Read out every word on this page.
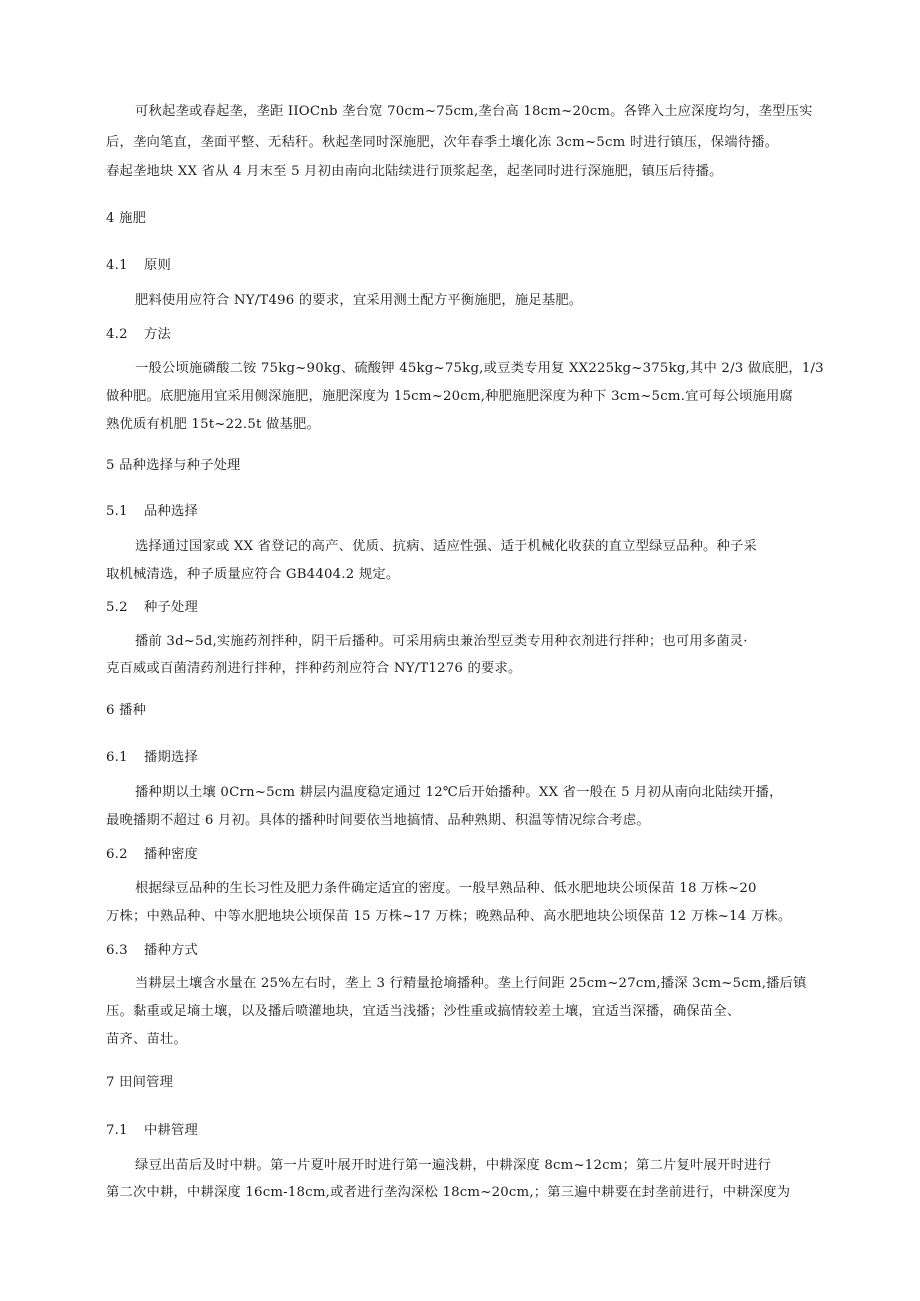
可秋起垄或春起垄，垄距 IIOCnb 垄台宽 70cm~75cm,垄台高 18cm~20cm。各铧入土应深度均匀，垄型压实
后，垄向笔直，垄面平整、无秸秆。秋起垄同时深施肥，次年春季土壤化冻 3cm~5cm 时进行镇压，保端待播。
春起垄地块 XX 省从 4 月末至 5 月初由南向北陆续进行顶浆起垄，起垄同时进行深施肥，镇压后待播。
4 施肥
4.1 原则
肥料使用应符合 NY/T496 的要求，宜采用测土配方平衡施肥，施足基肥。
4.2 方法
一般公顷施磷酸二铵 75kg~90kg、硫酸钾 45kg~75kg,或豆类专用复 XX225kg~375kg,其中 2/3 做底肥，1/3
做种肥。底肥施用宜采用侧深施肥，施肥深度为 15cm~20cm,种肥施肥深度为种下 3cm~5cm.宜可每公顷施用腐
熟优质有机肥 15t~22.5t 做基肥。
5 品种选择与种子处理
5.1 品种选择
选择通过国家或 XX 省登记的高产、优质、抗病、适应性强、适于机械化收获的直立型绿豆品种。种子采
取机械清选，种子质量应符合 GB4404.2 规定。
5.2 种子处理
播前 3d~5d,实施药剂拌种，阴干后播种。可采用病虫兼治型豆类专用种衣剂进行拌种；也可用多菌灵·
克百威或百菌清药剂进行拌种，拌种药剂应符合 NY/T1276 的要求。
6 播种
6.1 播期选择
播种期以土壤 0Crn~5cm 耕层内温度稳定通过 12℃后开始播种。XX 省一般在 5 月初从南向北陆续开播，
最晚播期不超过 6 月初。具体的播种时间要依当地搞情、品种熟期、积温等情况综合考虑。
6.2 播种密度
根据绿豆品种的生长习性及肥力条件确定适宜的密度。一般早熟品种、低水肥地块公顷保苗 18 万株~20
万株；中熟品种、中等水肥地块公顷保苗 15 万株~17 万株；晚熟品种、高水肥地块公顷保苗 12 万株~14 万株。
6.3 播种方式
当耕层土壤含水量在 25%左右时，垄上 3 行精量抢墒播种。垄上行间距 25cm~27cm,播深 3cm~5cm,播后镇
压。黏重或足墒土壤，以及播后喷灌地块，宜适当浅播；沙性重或搞情较差土壤，宜适当深播，确保苗全、
苗齐、苗壮。
7 田间管理
7.1 中耕管理
绿豆出苗后及时中耕。第一片夏叶展开时进行第一遍浅耕，中耕深度 8cm~12cm；第二片复叶展开时进行
第二次中耕，中耕深度 16cm-18cm,或者进行垄沟深松 18cm~20cm,；第三遍中耕要在封垄前进行，中耕深度为
